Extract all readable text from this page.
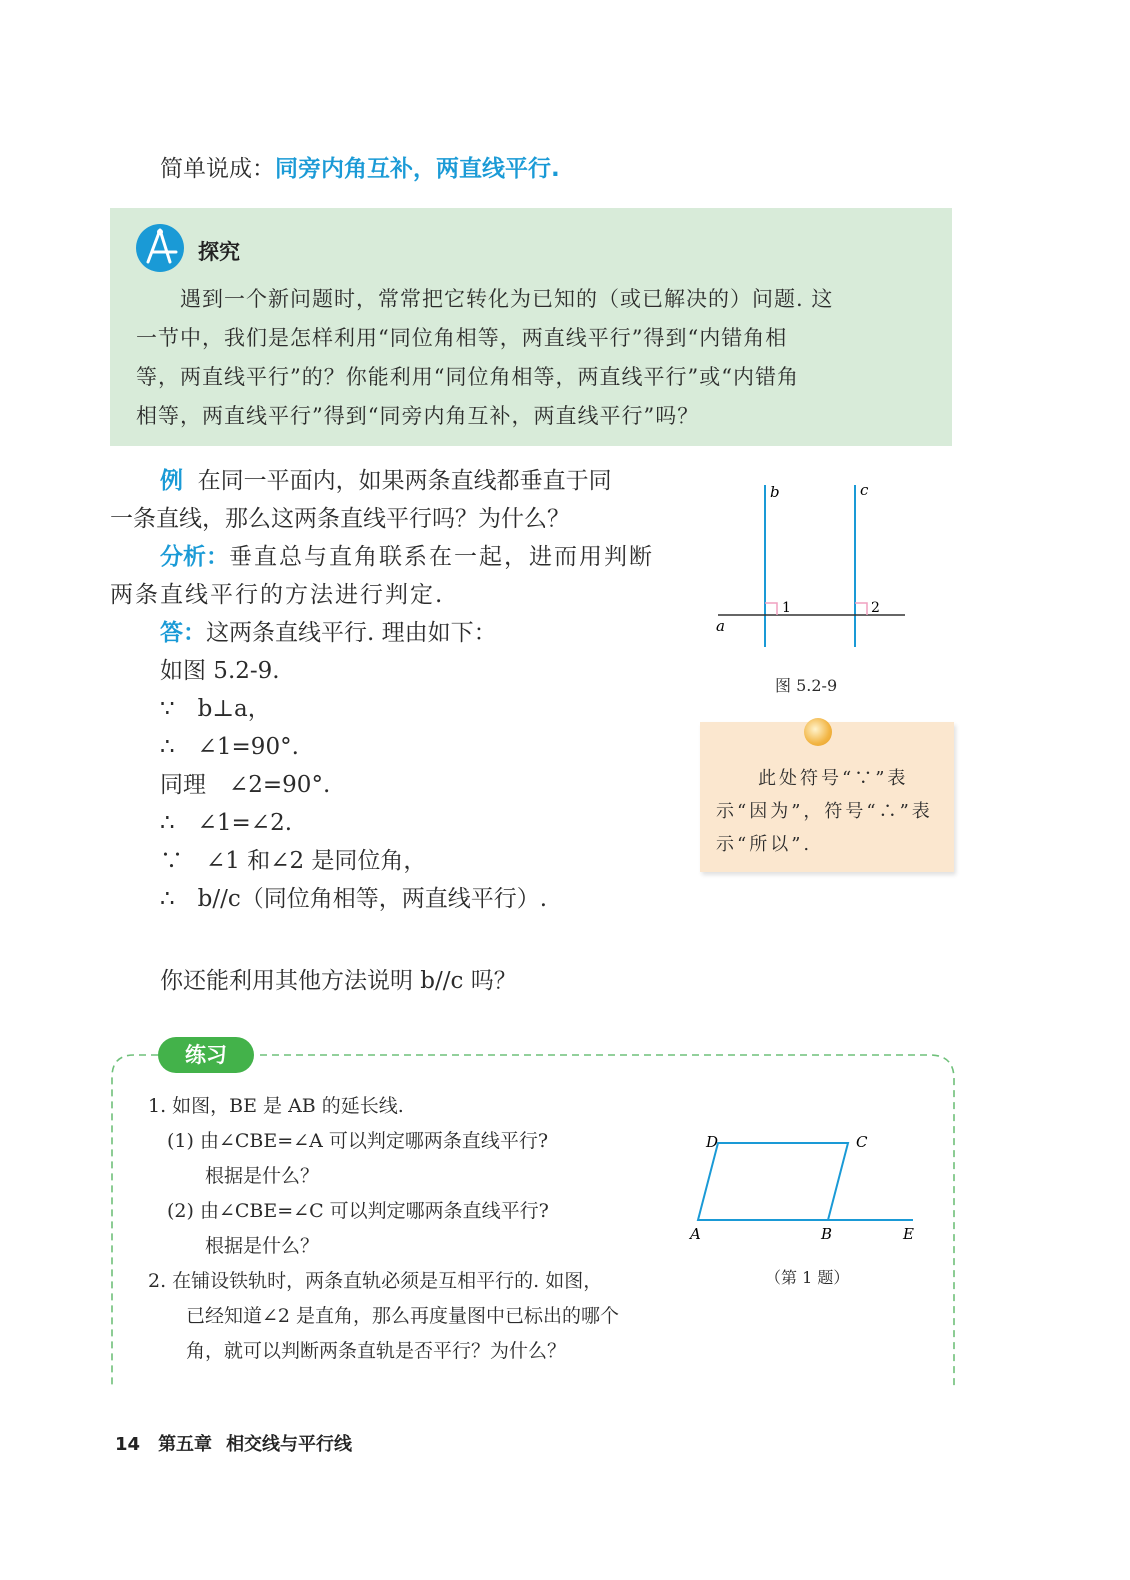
简单说成：同旁内角互补，两直线平行.
探究
　　遇到一个新问题时，常常把它转化为已知的（或已解决的）问题. 这
一节中，我们是怎样利用“同位角相等，两直线平行”得到“内错角相
等，两直线平行”的？你能利用“同位角相等，两直线平行”或“内错角
相等，两直线平行”得到“同旁内角互补，两直线平行”吗？
例 在同一平面内，如果两条直线都垂直于同
一条直线，那么这两条直线平行吗？为什么？
分析：垂直总与直角联系在一起，进而用判断
两条直线平行的方法进行判定.
答：这两条直线平行. 理由如下：
如图 5.2-9.
∵　b⊥a，
∴　∠1=90°.
同理　∠2=90°.
∴　∠1=∠2.
∵　∠1 和∠2 是同位角，
∴　b//c（同位角相等，两直线平行）.
b	c
a
1	2
图 5.2-9
　　此处符号“∵”表示“因为”，符号“∴”表示“所以”.
你还能利用其他方法说明 b//c 吗？
练习
1. 如图，BE 是 AB 的延长线.
　(1) 由∠CBE=∠A 可以判定哪两条直线平行?
　　　根据是什么？
　(2) 由∠CBE=∠C 可以判定哪两条直线平行?
　　　根据是什么？
2. 在铺设铁轨时，两条直轨必须是互相平行的. 如图，
　　已经知道∠2 是直角，那么再度量图中已标出的哪个
　　角，就可以判断两条直轨是否平行？为什么？
D	C
A	B	E
（第 1 题）
14 第五章 相交线与平行线
